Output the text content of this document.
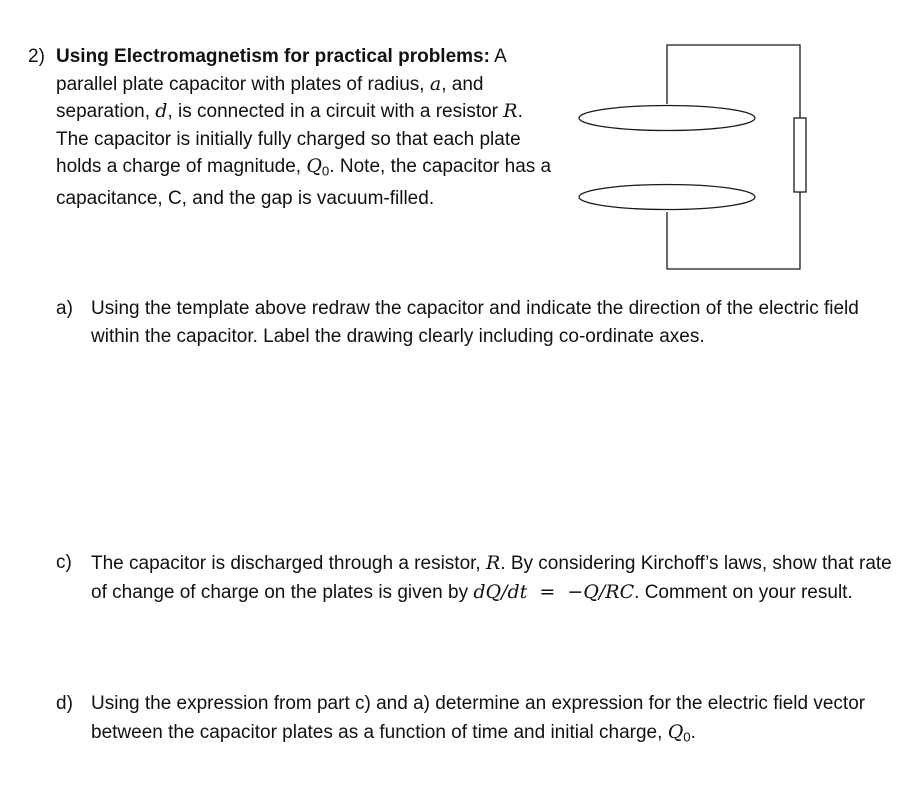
2) Using Electromagnetism for practical problems: A parallel plate capacitor with plates of radius, a, and separation, d, is connected in a circuit with a resistor R. The capacitor is initially fully charged so that each plate holds a charge of magnitude, $Q_0$. Note, the capacitor has a capacitance, C, and the gap is vacuum-filled.
a) Using the template above redraw the capacitor and indicate the direction of the electric field within the capacitor. Label the drawing clearly including co-ordinate axes.
c) The capacitor is discharged through a resistor, R. By considering Kirchoff’s laws, show that rate of change of charge on the plates is given by dQ/dt  =  −Q/RC. Comment on your result.
d) Using the expression from part c) and a) determine an expression for the electric field vector between the capacitor plates as a function of time and initial charge, $Q_0$.
